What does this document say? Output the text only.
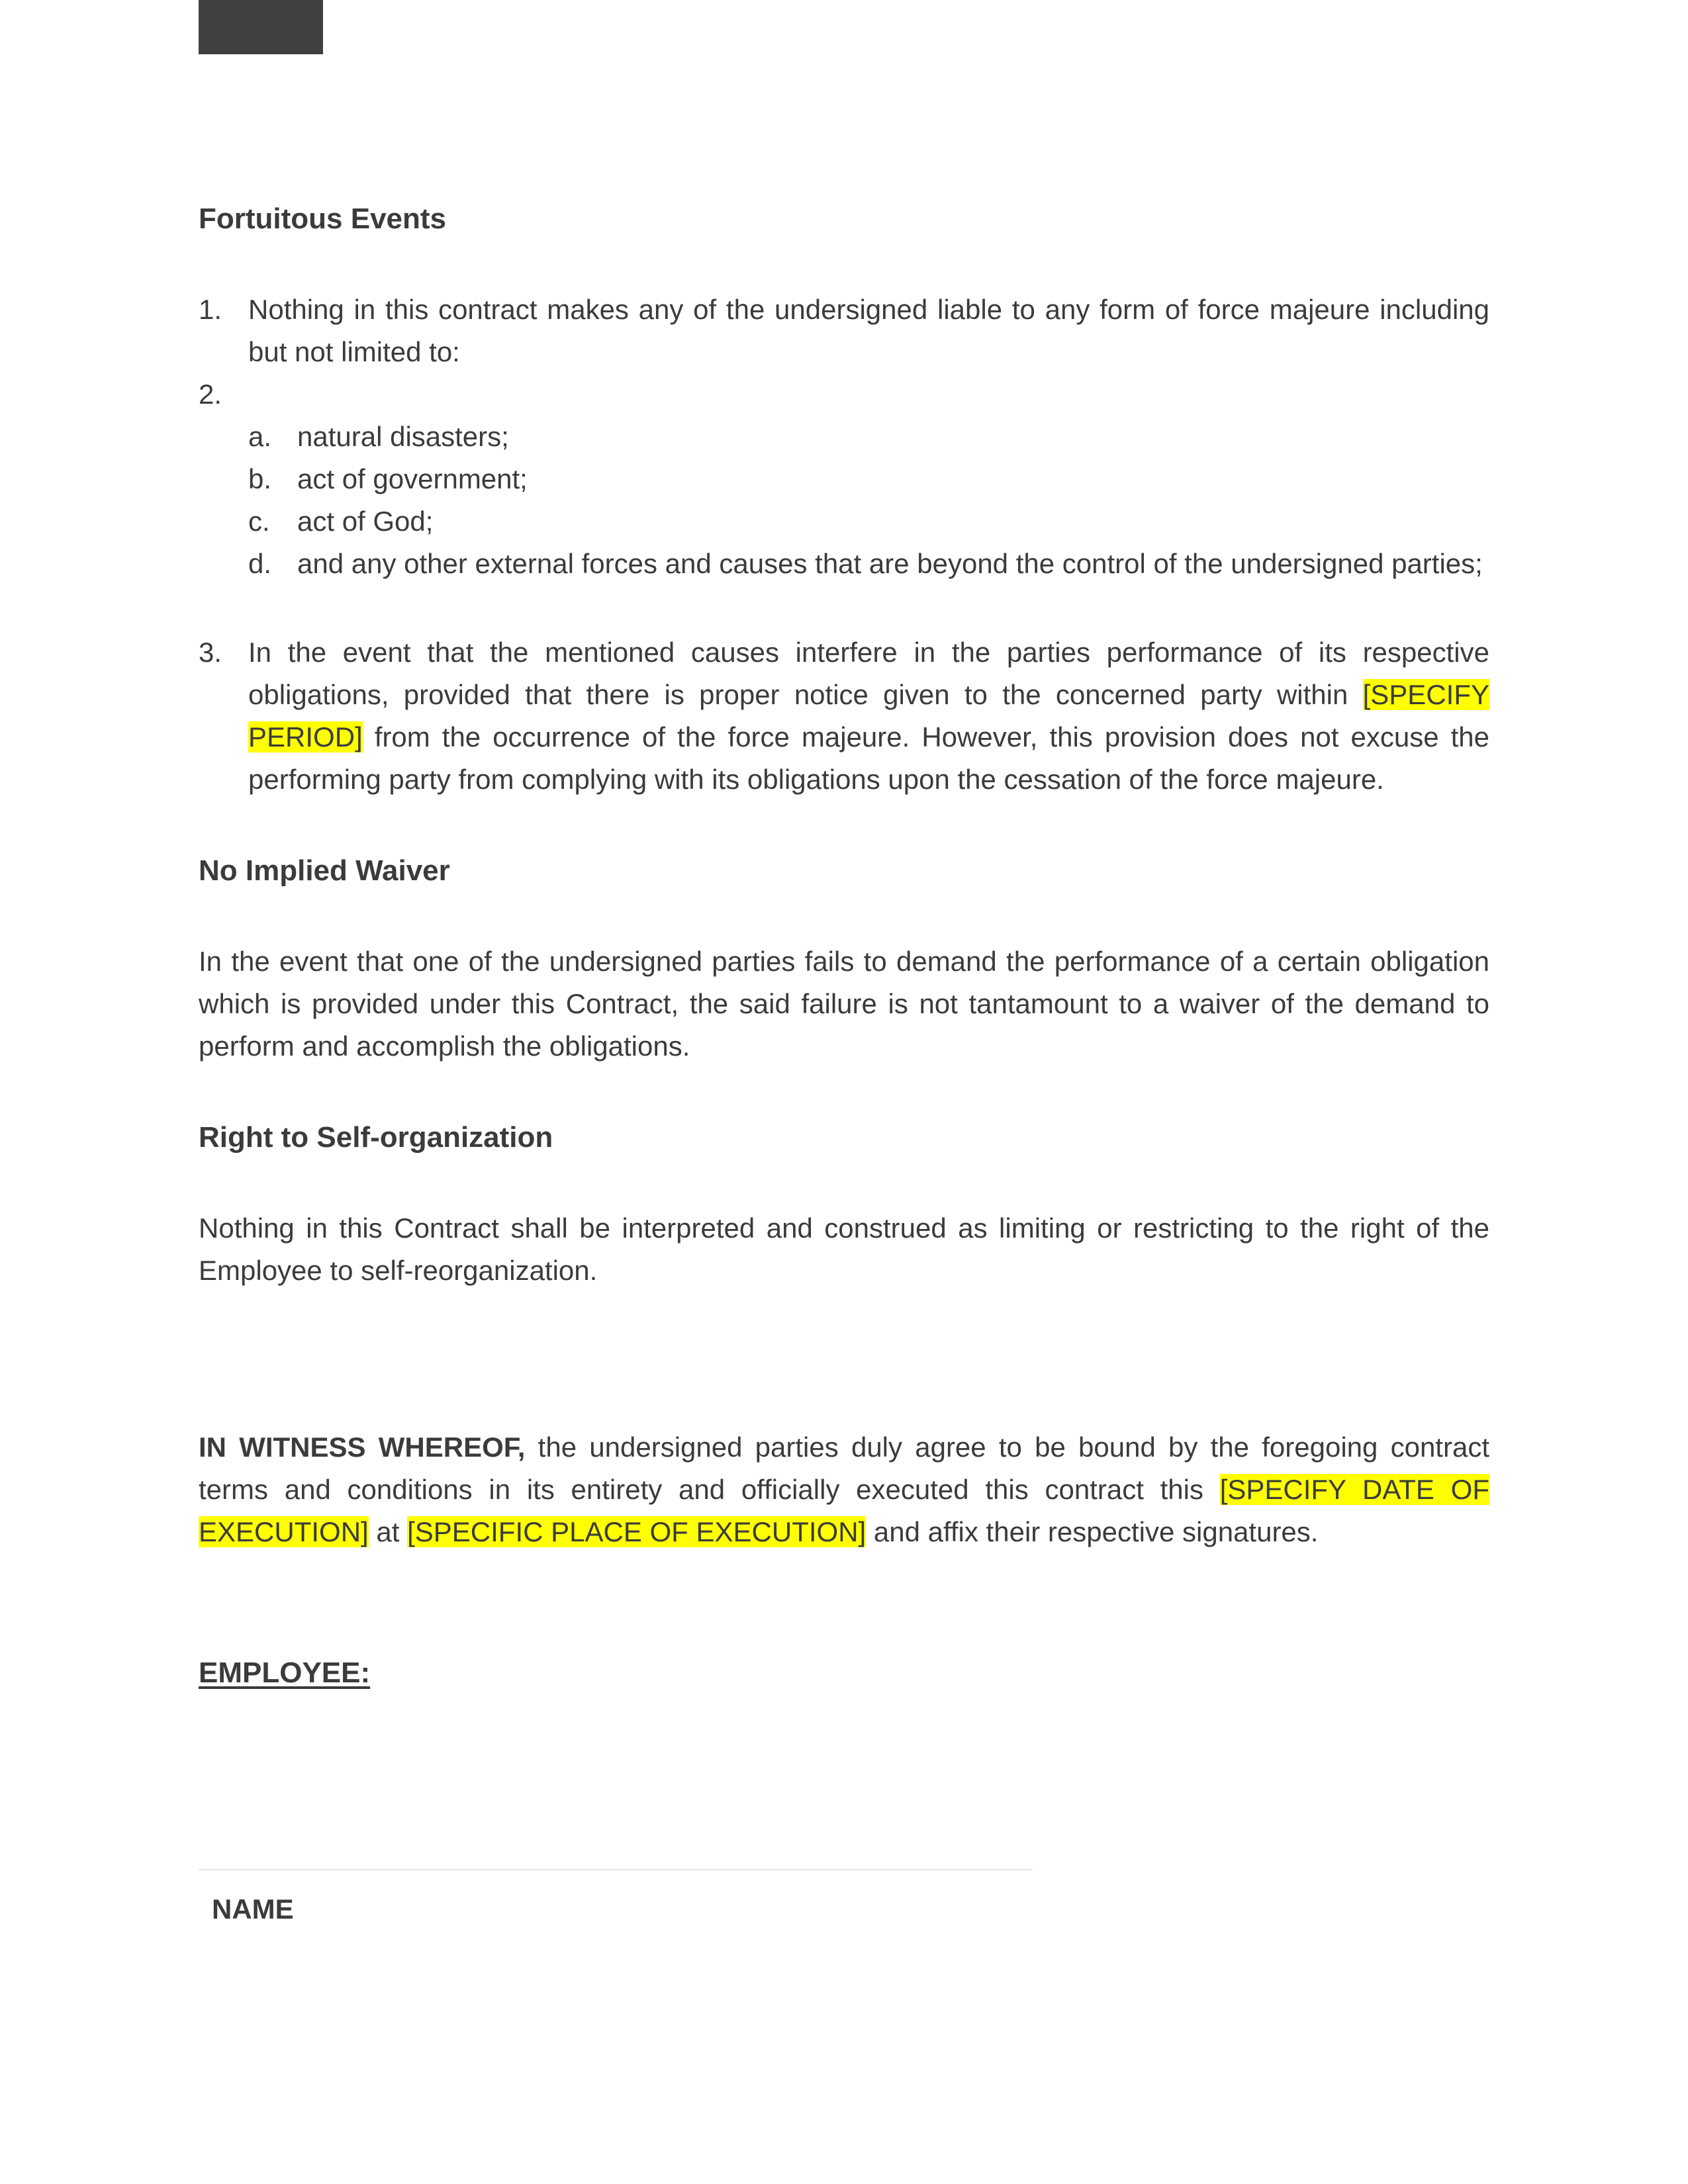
Fortuitous Events
1. Nothing in this contract makes any of the undersigned liable to any form of force majeure including but not limited to:
2.
a. natural disasters;
b. act of government;
c. act of God;
d. and any other external forces and causes that are beyond the control of the undersigned parties;
3. In the event that the mentioned causes interfere in the parties performance of its respective obligations, provided that there is proper notice given to the concerned party within [SPECIFY PERIOD] from the occurrence of the force majeure. However, this provision does not excuse the performing party from complying with its obligations upon the cessation of the force majeure.
No Implied Waiver

In the event that one of the undersigned parties fails to demand the performance of a certain obligation which is provided under this Contract, the said failure is not tantamount to a waiver of the demand to perform and accomplish the obligations.

Right to Self-organization

Nothing in this Contract shall be interpreted and construed as limiting or restricting to the right of the Employee to self-reorganization.

IN WITNESS WHEREOF, the undersigned parties duly agree to be bound by the foregoing contract terms and conditions in its entirety and officially executed this contract this [SPECIFY DATE OF EXECUTION] at [SPECIFIC PLACE OF EXECUTION] and affix their respective signatures.

EMPLOYEE:
NAME
